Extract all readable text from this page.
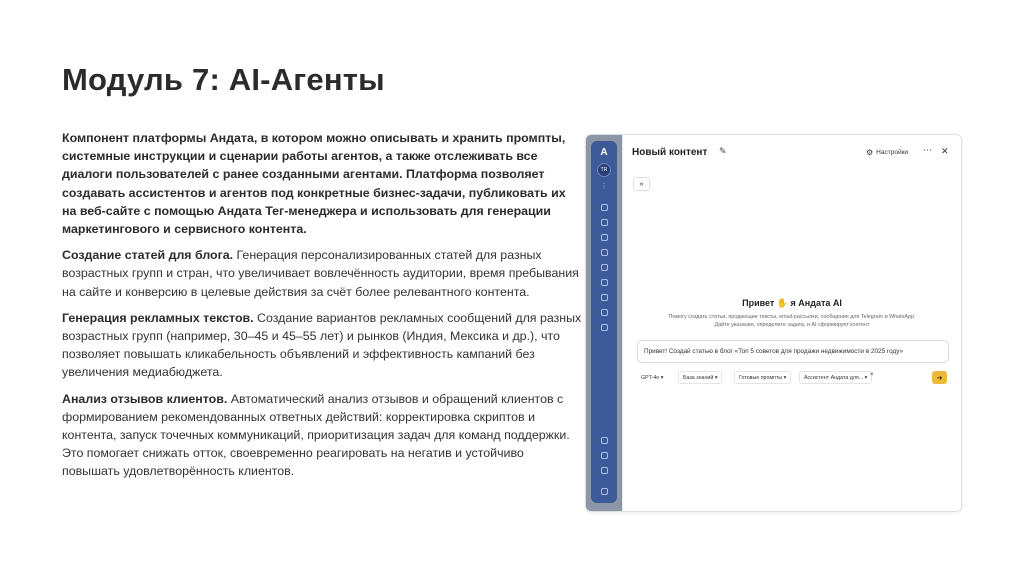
Модуль 7: AI-Агенты

Компонент платформы Андата, в котором можно описывать и хранить промпты, системные инструкции и сценарии работы агентов, а также отслеживать все диалоги пользователей с ранее созданными агентами. Платформа позволяет создавать ассистентов и агентов под конкретные бизнес-задачи, публиковать их на веб-сайте с помощью Андата Тег-менеджера и использовать для генерации маркетингового и сервисного контента.

Создание статей для блога. Генерация персонализированных статей для разных возрастных групп и стран, что увеличивает вовлечённость аудитории, время пребывания на сайте и конверсию в целевые действия за счёт более релевантного контента.

Генерация рекламных текстов. Создание вариантов рекламных сообщений для разных возрастных групп (например, 30–45 и 45–55 лет) и рынков (Индия, Мексика и др.), что позволяет повышать кликабельность объявлений и эффективность кампаний без увеличения медиабюджета.

Анализ отзывов клиентов. Автоматический анализ отзывов и обращений клиентов с формированием рекомендованных ответных действий: корректировка скриптов и контента, запуск точечных коммуникаций, приоритизация задач для команд поддержки. Это помогает снижать отток, своевременно реагировать на негатив и устойчиво повышать удовлетворённость клиентов.

A
TR
⋮
Новый контент ✎	⚙ Настройки ⋯ ✕
»
Привет ✋ я Андата AI
Помогу создать статьи, продающие тексты, email-рассылки, сообщения для Telegram и WhatsApp. Дайте указания, определите задачу, и AI сформирует контент
Привет! Создай статью в блог «Топ 5 советов для продажи недвижимости в 2025 году»
GPT-4o ▾	База знаний ▾	Готовые промпты ▾	Ассистент Андата для... ▾ ×	➔
